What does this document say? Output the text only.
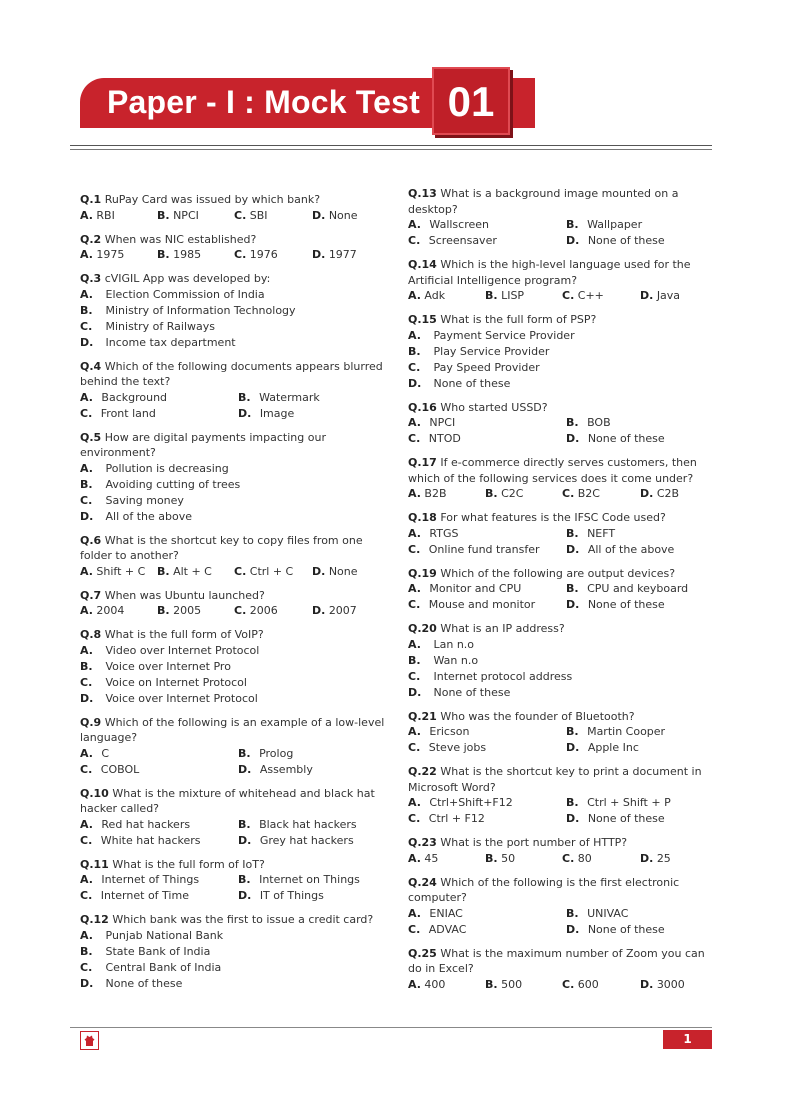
Paper - I : Mock Test 01
Q.1 RuPay Card was issued by which bank?
A. RBI	B. NPCI	C. SBI	D. None
Q.2 When was NIC established?
A. 1975	B. 1985	C. 1976	D. 1977
Q.3 cVIGIL App was developed by:
A. Election Commission of India
B. Ministry of Information Technology
C. Ministry of Railways
D. Income tax department
Q.4 Which of the following documents appears blurred behind the text?
A. Background	B. Watermark
C. Front land	D. Image
Q.5 How are digital payments impacting our environment?
A. Pollution is decreasing
B. Avoiding cutting of trees
C. Saving money
D. All of the above
Q.6 What is the shortcut key to copy files from one folder to another?
A. Shift + C	B. Alt + C	C. Ctrl + C	D. None
Q.7 When was Ubuntu launched?
A. 2004	B. 2005	C. 2006	D. 2007
Q.8 What is the full form of VoIP?
A. Video over Internet Protocol
B. Voice over Internet Pro
C. Voice on Internet Protocol
D. Voice over Internet Protocol
Q.9 Which of the following is an example of a low-level language?
A. C	B. Prolog
C. COBOL	D. Assembly
Q.10 What is the mixture of whitehead and black hat hacker called?
A. Red hat hackers	B. Black hat hackers
C. White hat hackers	D. Grey hat hackers
Q.11 What is the full form of IoT?
A. Internet of Things	B. Internet on Things
C. Internet of Time	D. IT of Things
Q.12 Which bank was the first to issue a credit card?
A. Punjab National Bank
B. State Bank of India
C. Central Bank of India
D. None of these
Q.13 What is a background image mounted on a desktop?
A. Wallscreen	B. Wallpaper
C. Screensaver	D. None of these
Q.14 Which is the high-level language used for the Artificial Intelligence program?
A. Adk	B. LISP	C. C++	D. Java
Q.15 What is the full form of PSP?
A. Payment Service Provider
B. Play Service Provider
C. Pay Speed Provider
D. None of these
Q.16 Who started USSD?
A. NPCI	B. BOB
C. NTOD	D. None of these
Q.17 If e-commerce directly serves customers, then which of the following services does it come under?
A. B2B	B. C2C	C. B2C	D. C2B
Q.18 For what features is the IFSC Code used?
A. RTGS	B. NEFT
C. Online fund transfer	D. All of the above
Q.19 Which of the following are output devices?
A. Monitor and CPU	B. CPU and keyboard
C. Mouse and monitor	D. None of these
Q.20 What is an IP address?
A. Lan n.o
B. Wan n.o
C. Internet protocol address
D. None of these
Q.21 Who was the founder of Bluetooth?
A. Ericson	B. Martin Cooper
C. Steve jobs	D. Apple Inc
Q.22 What is the shortcut key to print a document in Microsoft Word?
A. Ctrl+Shift+F12	B. Ctrl + Shift + P
C. Ctrl + F12	D. None of these
Q.23 What is the port number of HTTP?
A. 45	B. 50	C. 80	D. 25
Q.24 Which of the following is the first electronic computer?
A. ENIAC	B. UNIVAC
C. ADVAC	D. None of these
Q.25 What is the maximum number of Zoom you can do in Excel?
A. 400	B. 500	C. 600	D. 3000
1
